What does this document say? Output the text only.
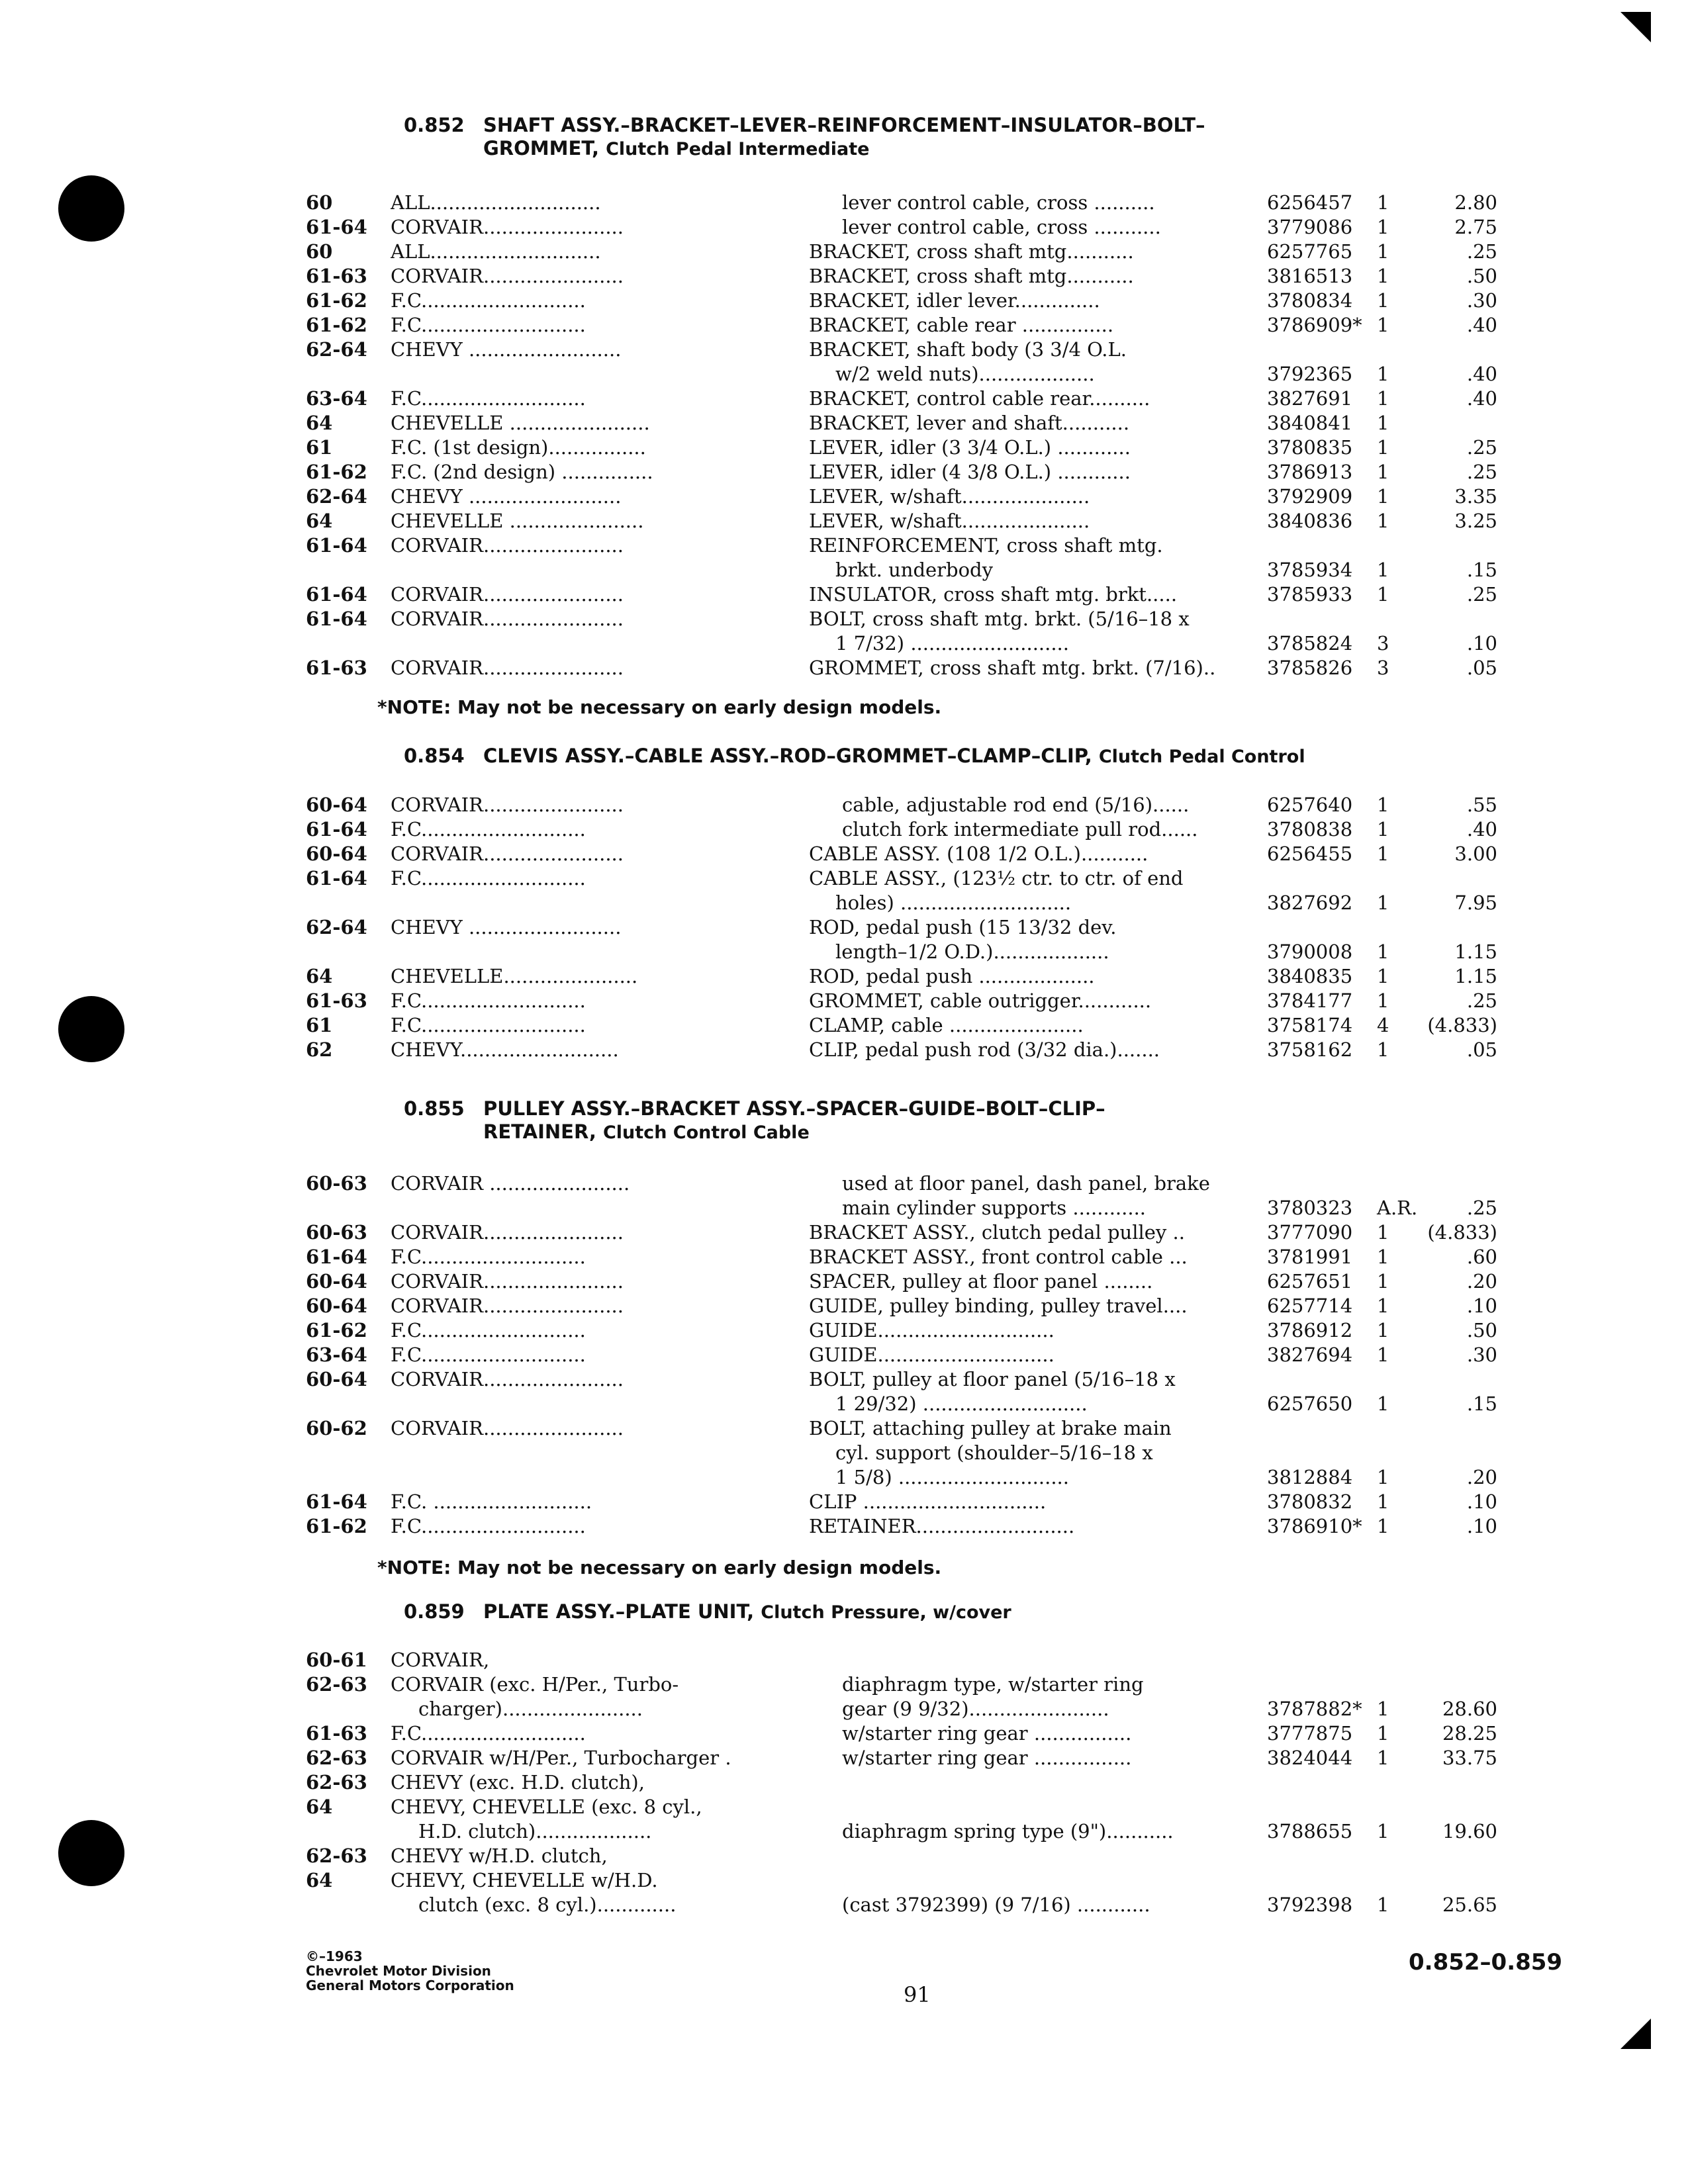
0.852 SHAFT ASSY.–BRACKET–LEVER–REINFORCEMENT–INSULATOR–BOLT–
GROMMET, Clutch Pedal Intermediate
60	ALL............................	lever control cable, cross ..........	6256457 1	2.80
61-64 CORVAIR.......................	lever control cable, cross ...........	3779086 1	2.75
60	ALL............................	BRACKET, cross shaft mtg...........	6257765 1	.25
61-63 CORVAIR.......................	BRACKET, cross shaft mtg...........	3816513 1	.50
61-62 F.C...........................	BRACKET, idler lever..............	3780834 1	.30
61-62 F.C...........................	BRACKET, cable rear ...............	3786909* 1	.40
62-64 CHEVY .........................	BRACKET, shaft body (3 3/4 O.L.
w/2 weld nuts)...................	3792365 1	.40
63-64 F.C...........................	BRACKET, control cable rear..........	3827691 1	.40
64	CHEVELLE .......................	BRACKET, lever and shaft...........	3840841 1
61	F.C. (1st design)................	LEVER, idler (3 3/4 O.L.) ............	3780835 1	.25
61-62 F.C. (2nd design) ...............	LEVER, idler (4 3/8 O.L.) ............	3786913 1	.25
62-64 CHEVY .........................	LEVER, w/shaft.....................	3792909 1	3.35
64	CHEVELLE ......................	LEVER, w/shaft.....................	3840836 1	3.25
61-64 CORVAIR.......................	REINFORCEMENT, cross shaft mtg.
brkt. underbody	3785934 1	.15
61-64 CORVAIR.......................	INSULATOR, cross shaft mtg. brkt.....	3785933 1	.25
61-64 CORVAIR.......................	BOLT, cross shaft mtg. brkt. (5/16–18 x
1 7/32) ..........................	3785824 3	.10
61-63 CORVAIR.......................	GROMMET, cross shaft mtg. brkt. (7/16)..	3785826 3	.05
*NOTE: May not be necessary on early design models.
0.854 CLEVIS ASSY.–CABLE ASSY.–ROD–GROMMET–CLAMP–CLIP, Clutch Pedal Control
60-64 CORVAIR.......................	cable, adjustable rod end (5/16)......	6257640 1	.55
61-64 F.C...........................	clutch fork intermediate pull rod......	3780838 1	.40
60-64 CORVAIR.......................	CABLE ASSY. (108 1/2 O.L.)...........	6256455 1	3.00
61-64 F.C...........................	CABLE ASSY., (123½ ctr. to ctr. of end
holes) ............................	3827692 1	7.95
62-64 CHEVY .........................	ROD, pedal push (15 13/32 dev.
length–1/2 O.D.)...................	3790008 1	1.15
64	CHEVELLE......................	ROD, pedal push ...................	3840835 1	1.15
61-63 F.C...........................	GROMMET, cable outrigger............	3784177 1	.25
61	F.C...........................	CLAMP, cable ......................	3758174 4 (4.833)
62	CHEVY..........................	CLIP, pedal push rod (3/32 dia.).......	3758162 1	.05
0.855 PULLEY ASSY.–BRACKET ASSY.–SPACER–GUIDE–BOLT–CLIP–
RETAINER, Clutch Control Cable
60-63 CORVAIR .......................	used at floor panel, dash panel, brake
main cylinder supports ............	3780323 A.R.	.25
60-63 CORVAIR.......................	BRACKET ASSY., clutch pedal pulley ..	3777090 1 (4.833)
61-64 F.C...........................	BRACKET ASSY., front control cable ...	3781991 1	.60
60-64 CORVAIR.......................	SPACER, pulley at floor panel ........	6257651 1	.20
60-64 CORVAIR.......................	GUIDE, pulley binding, pulley travel....	6257714 1	.10
61-62 F.C...........................	GUIDE.............................	3786912 1	.50
63-64 F.C...........................	GUIDE.............................	3827694 1	.30
60-64 CORVAIR.......................	BOLT, pulley at floor panel (5/16–18 x
1 29/32) ...........................	6257650 1	.15
60-62 CORVAIR.......................	BOLT, attaching pulley at brake main
cyl. support (shoulder–5/16–18 x
1 5/8) ............................	3812884 1	.20
61-64 F.C. ..........................	CLIP ..............................	3780832 1	.10
61-62 F.C...........................	RETAINER..........................	3786910* 1	.10
*NOTE: May not be necessary on early design models.
0.859 PLATE ASSY.–PLATE UNIT, Clutch Pressure, w/cover
60-61 CORVAIR,
62-63 CORVAIR (exc. H/Per., Turbo-	diaphragm type, w/starter ring
charger).......................	gear (9 9/32).......................	3787882* 1	28.60
61-63 F.C...........................	w/starter ring gear ................	3777875 1	28.25
62-63 CORVAIR w/H/Per., Turbocharger .	w/starter ring gear ................	3824044 1	33.75
62-63 CHEVY (exc. H.D. clutch),
64	CHEVY, CHEVELLE (exc. 8 cyl.,
H.D. clutch)...................	diaphragm spring type (9")...........	3788655 1	19.60
62-63 CHEVY w/H.D. clutch,
64	CHEVY, CHEVELLE w/H.D.
clutch (exc. 8 cyl.).............	(cast 3792399) (9 7/16) ............	3792398 1	25.65
©–1963
Chevrolet Motor Division
General Motors Corporation	91
0.852–0.859
